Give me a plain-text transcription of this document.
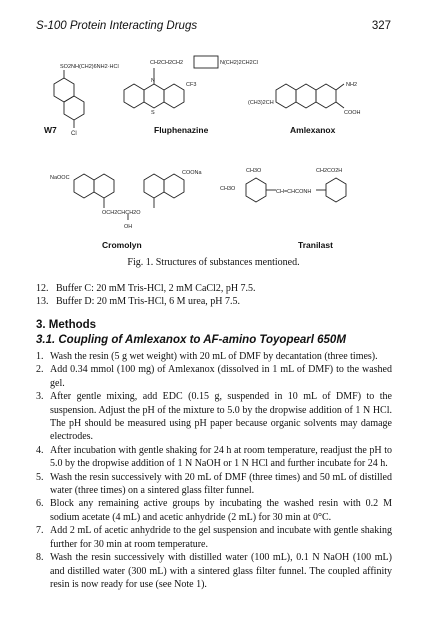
S-100 Protein Interacting Drugs	327
SO2NH(CH2)6NH2·HCl
Cl
CH2CH2CH2	N(CH2)2CH2Cl
CF3
S
N
NH2
COOH
(CH3)2CH
NaOOC
COONa
OCH2CHCH2O
OH
CH3O
CH3O	CH=CHCONH
CH2CO2H
W7	Fluphenazine	Amlexanox
Cromolyn	Tranilast
Fig. 1. Structures of substances mentioned.
12. Buffer C: 20 mM Tris-HCl, 2 mM CaCl2, pH 7.5.
13. Buffer D: 20 mM Tris-HCl, 6 M urea, pH 7.5.
3. Methods
3.1. Coupling of Amlexanox to AF-amino Toyopearl 650M
1. Wash the resin (5 g wet weight) with 20 mL of DMF by decantation (three times).
2. Add 0.34 mmol (100 mg) of Amlexanox (dissolved in 1 mL of DMF) to the washed gel.
3. After gentle mixing, add EDC (0.15 g, suspended in 10 mL of DMF) to the suspension. Adjust the pH of the mixture to 5.0 by the dropwise addition of 1 N HCl. The pH should be measured using pH paper because organic solvents may damage electrodes.
4. After incubation with gentle shaking for 24 h at room temperature, readjust the pH to 5.0 by the dropwise addition of 1 N NaOH or 1 N HCl and further incubate for 24 h.
5. Wash the resin successively with 20 mL of DMF (three times) and 50 mL of distilled water (three times) on a sintered glass filter funnel.
6. Block any remaining active groups by incubating the washed resin with 0.2 M sodium acetate (4 mL) and acetic anhydride (2 mL) for 30 min at 0°C.
7. Add 2 mL of acetic anhydride to the gel suspension and incubate with gentle shaking further for 30 min at room temperature.
8. Wash the resin successively with distilled water (100 mL), 0.1 N NaOH (100 mL) and distilled water (300 mL) with a sintered glass filter funnel. The coupled affinity resin is now ready for use (see Note 1).
